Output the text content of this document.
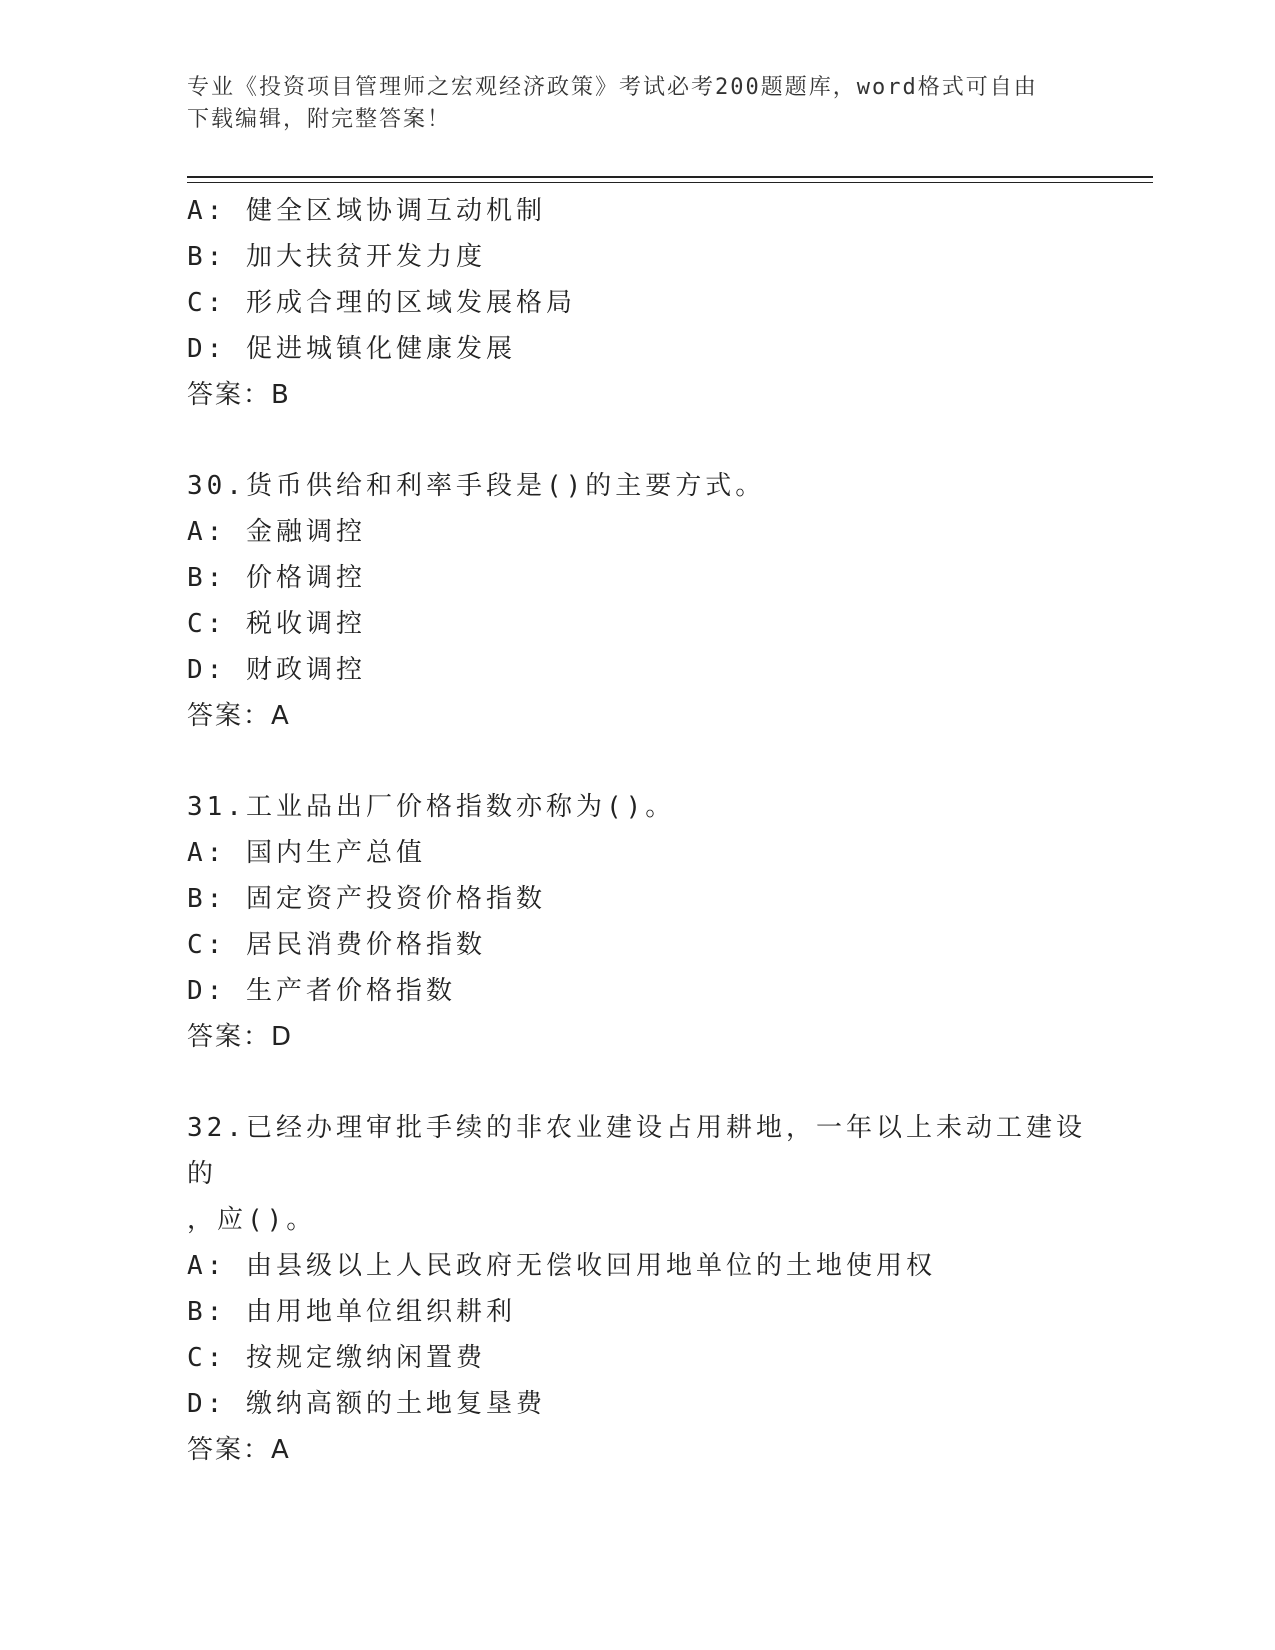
专业《投资项目管理师之宏观经济政策》考试必考200题题库，word格式可自由
下载编辑，附完整答案！
A: 健全区域协调互动机制
B: 加大扶贫开发力度
C: 形成合理的区域发展格局
D: 促进城镇化健康发展
答案：B
30.货币供给和利率手段是()的主要方式。
A: 金融调控
B: 价格调控
C: 税收调控
D: 财政调控
答案：A
31.工业品出厂价格指数亦称为()。
A: 国内生产总值
B: 固定资产投资价格指数
C: 居民消费价格指数
D: 生产者价格指数
答案：D
32.已经办理审批手续的非农业建设占用耕地，一年以上未动工建设的
，应()。
A: 由县级以上人民政府无偿收回用地单位的土地使用权
B: 由用地单位组织耕利
C: 按规定缴纳闲置费
D: 缴纳高额的土地复垦费
答案：A
